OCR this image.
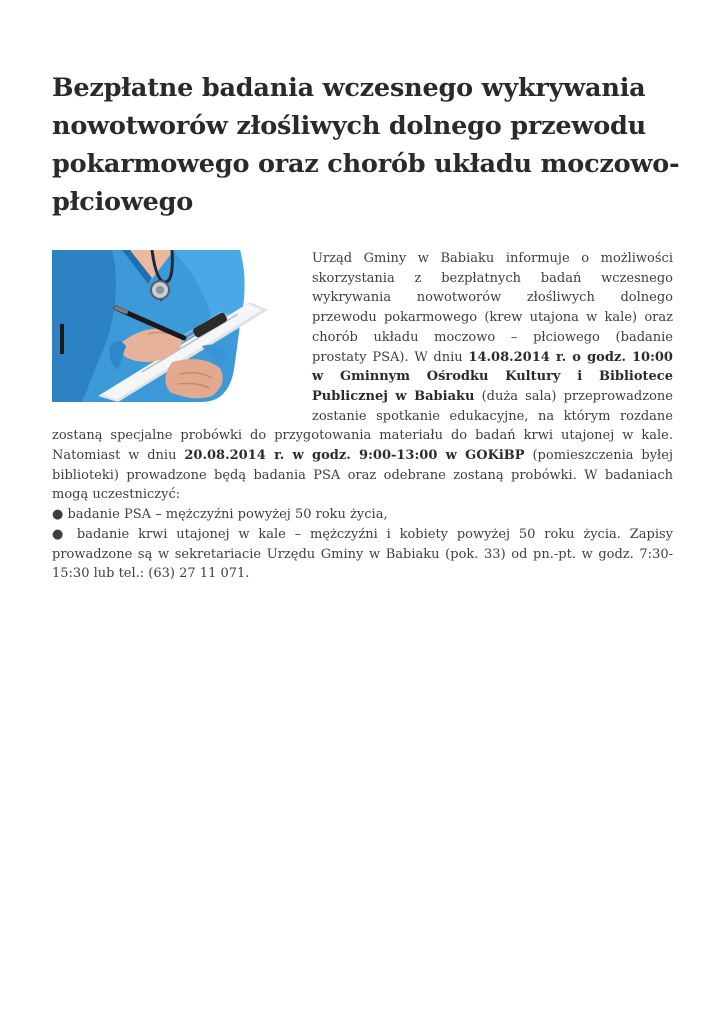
Bezpłatne badania wczesnego wykrywania nowotworów złośliwych dolnego przewodu pokarmowego oraz chorób układu moczowo-płciowego

Urząd Gminy w Babiaku informuje o możliwości skorzystania z bezpłatnych badań wczesnego wykrywania nowotworów złośliwych dolnego przewodu pokarmowego (krew utajona w kale) oraz chorób układu moczowo – płciowego (badanie prostaty PSA). W dniu 14.08.2014 r. o godz. 10:00 w Gminnym Ośrodku Kultury i Bibliotece Publicznej w Babiaku (duża sala) przeprowadzone zostanie spotkanie edukacyjne, na którym rozdane zostaną specjalne probówki do przygotowania materiału do badań krwi utajonej w kale. Natomiast w dniu 20.08.2014 r. w godz. 9:00-13:00 w GOKiBP (pomieszczenia byłej biblioteki) prowadzone będą badania PSA oraz odebrane zostaną probówki. W badaniach mogą uczestniczyć:
● badanie PSA – mężczyźni powyżej 50 roku życia,
● badanie krwi utajonej w kale – mężczyźni i kobiety powyżej 50 roku życia. Zapisy prowadzone są w sekretariacie Urzędu Gminy w Babiaku (pok. 33) od pn.-pt. w godz. 7:30-15:30 lub tel.: (63) 27 11 071.
